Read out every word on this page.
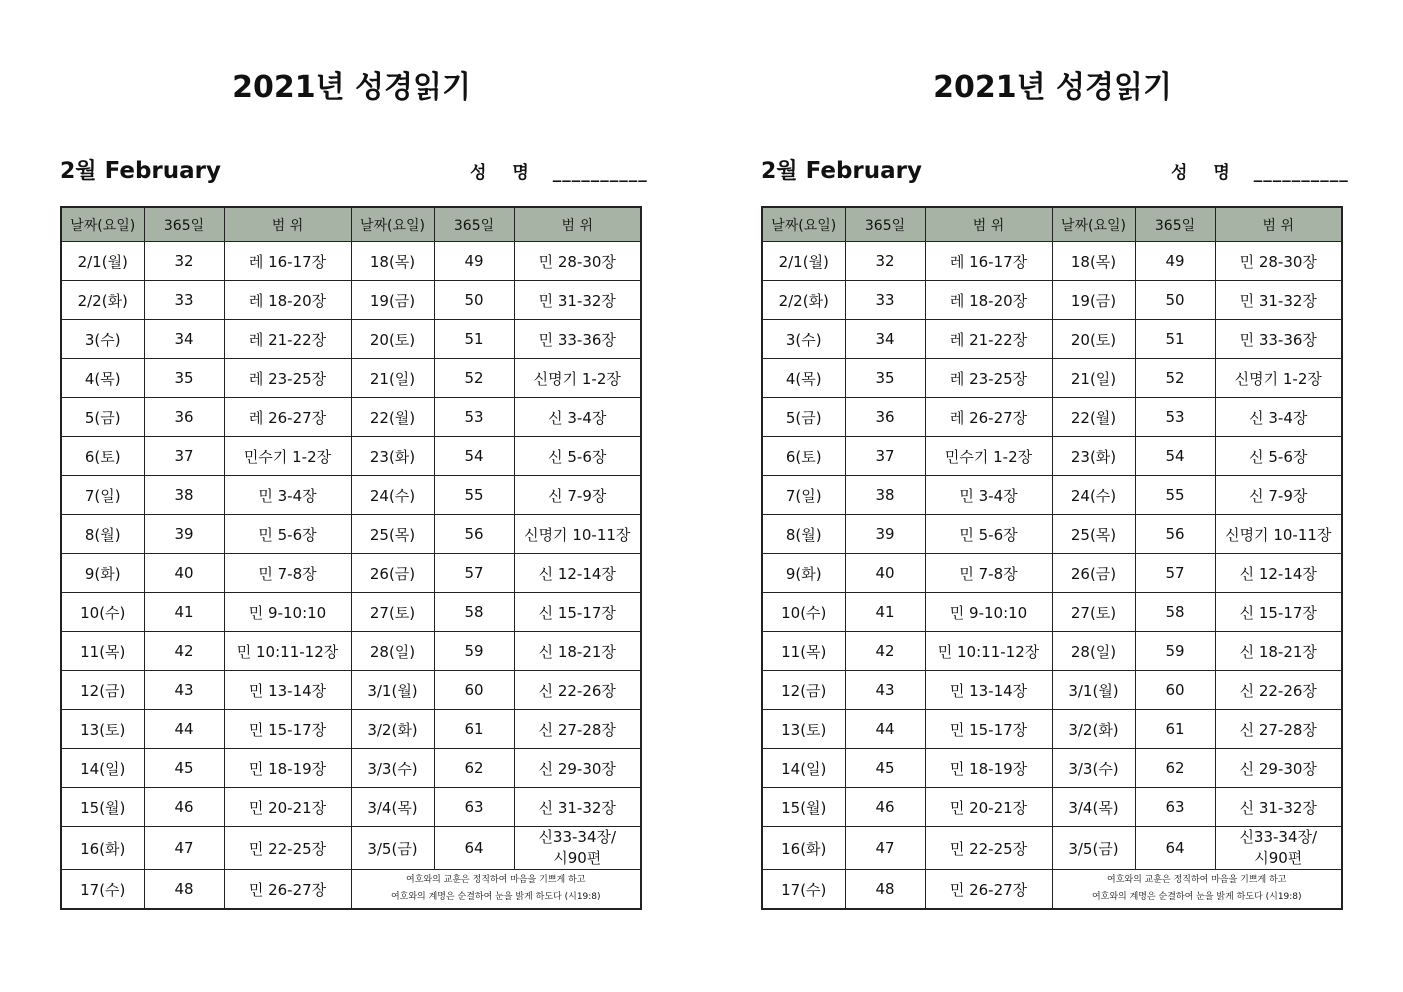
2021년 성경읽기
2월 February	성 명 __________
날짜(요일)	365일	범 위	날짜(요일)	365일	범 위
2/1(월)	32	레 16-17장	18(목)	49	민 28-30장
2/2(화)	33	레 18-20장	19(금)	50	민 31-32장
3(수)	34	레 21-22장	20(토)	51	민 33-36장
4(목)	35	레 23-25장	21(일)	52	신명기 1-2장
5(금)	36	레 26-27장	22(월)	53	신 3-4장
6(토)	37	민수기 1-2장	23(화)	54	신 5-6장
7(일)	38	민 3-4장	24(수)	55	신 7-9장
8(월)	39	민 5-6장	25(목)	56	신명기 10-11장
9(화)	40	민 7-8장	26(금)	57	신 12-14장
10(수)	41	민 9-10:10	27(토)	58	신 15-17장
11(목)	42	민 10:11-12장	28(일)	59	신 18-21장
12(금)	43	민 13-14장	3/1(월)	60	신 22-26장
13(토)	44	민 15-17장	3/2(화)	61	신 27-28장
14(일)	45	민 18-19장	3/3(수)	62	신 29-30장
15(월)	46	민 20-21장	3/4(목)	63	신 31-32장
16(화)	47	민 22-25장	3/5(금)	64	신33-34장/
시90편

17(수)	48	민 26-27장	여호와의 교훈은 정직하여 마음을 기쁘게 하고
여호와의 계명은 순결하여 눈을 밝게 하도다 (시19:8)		
2021년 성경읽기
2월 February	성 명 __________
날짜(요일)	365일	범 위	날짜(요일)	365일	범 위
2/1(월)	32	레 16-17장	18(목)	49	민 28-30장
2/2(화)	33	레 18-20장	19(금)	50	민 31-32장
3(수)	34	레 21-22장	20(토)	51	민 33-36장
4(목)	35	레 23-25장	21(일)	52	신명기 1-2장
5(금)	36	레 26-27장	22(월)	53	신 3-4장
6(토)	37	민수기 1-2장	23(화)	54	신 5-6장
7(일)	38	민 3-4장	24(수)	55	신 7-9장
8(월)	39	민 5-6장	25(목)	56	신명기 10-11장
9(화)	40	민 7-8장	26(금)	57	신 12-14장
10(수)	41	민 9-10:10	27(토)	58	신 15-17장
11(목)	42	민 10:11-12장	28(일)	59	신 18-21장
12(금)	43	민 13-14장	3/1(월)	60	신 22-26장
13(토)	44	민 15-17장	3/2(화)	61	신 27-28장
14(일)	45	민 18-19장	3/3(수)	62	신 29-30장
15(월)	46	민 20-21장	3/4(목)	63	신 31-32장
16(화)	47	민 22-25장	3/5(금)	64	신33-34장/
시90편

17(수)	48	민 26-27장	여호와의 교훈은 정직하여 마음을 기쁘게 하고
여호와의 계명은 순결하여 눈을 밝게 하도다 (시19:8)		
